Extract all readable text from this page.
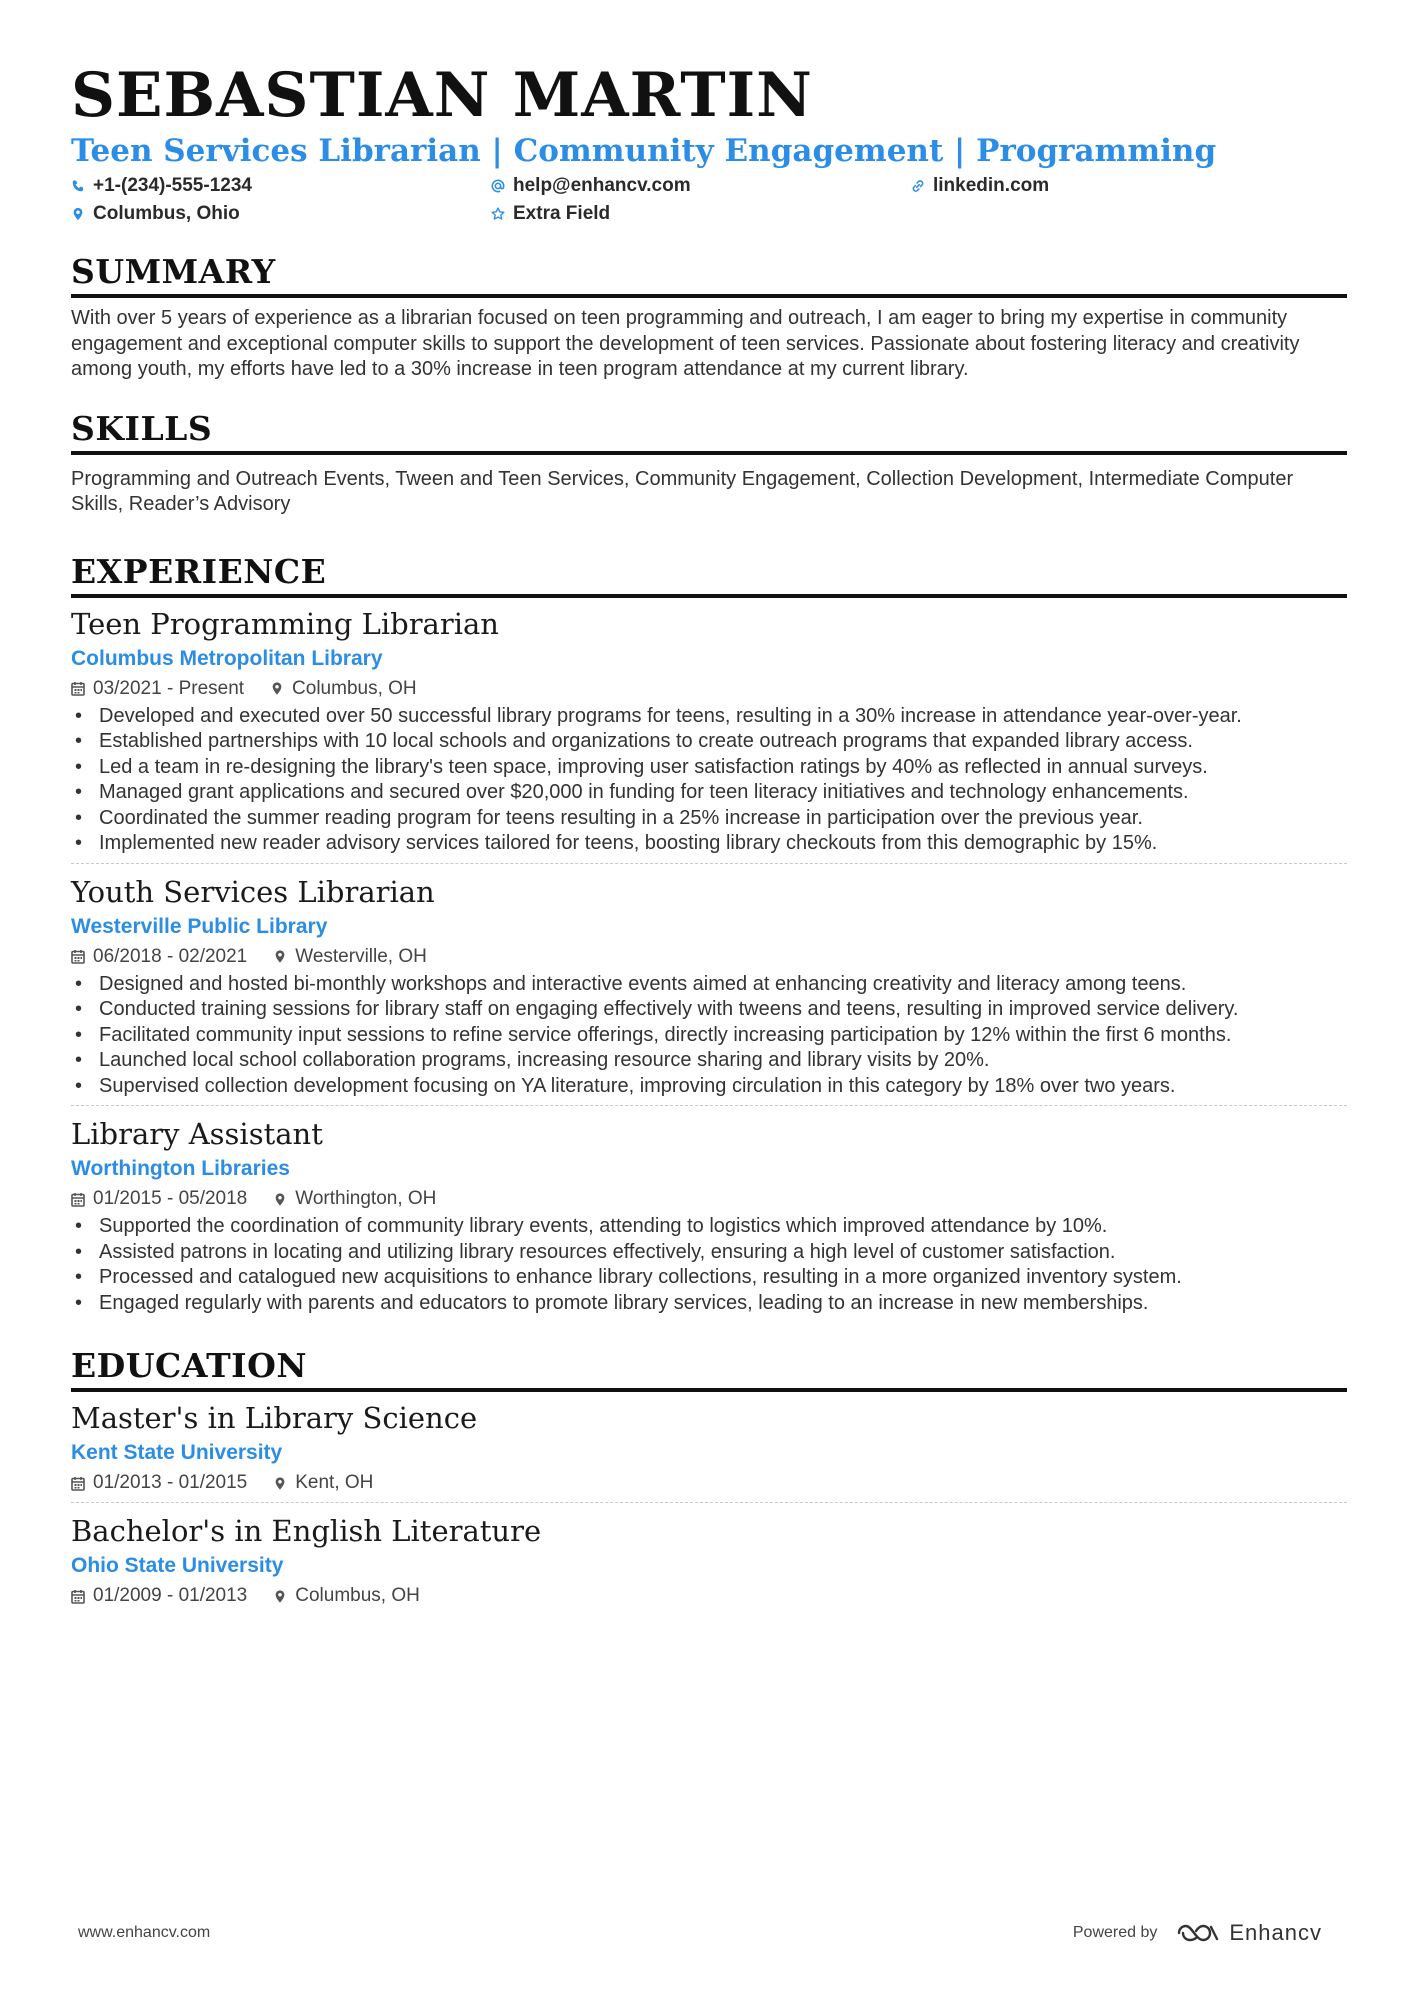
SEBASTIAN MARTIN
Teen Services Librarian | Community Engagement | Programming
+1-(234)-555-1234	help@enhancv.com	linkedin.com
Columbus, Ohio	Extra Field
SUMMARY

With over 5 years of experience as a librarian focused on teen programming and outreach, I am eager to bring my expertise in community engagement and exceptional computer skills to support the development of teen services. Passionate about fostering literacy and creativity among youth, my efforts have led to a 30% increase in teen program attendance at my current library.

SKILLS

Programming and Outreach Events, Tween and Teen Services, Community Engagement, Collection Development, Intermediate Computer Skills, Reader’s Advisory

EXPERIENCE
Teen Programming Librarian
Columbus Metropolitan Library
03/2021 - Present	Columbus, OH
• Developed and executed over 50 successful library programs for teens, resulting in a 30% increase in attendance year-over-year.
• Established partnerships with 10 local schools and organizations to create outreach programs that expanded library access.
• Led a team in re-designing the library's teen space, improving user satisfaction ratings by 40% as reflected in annual surveys.
• Managed grant applications and secured over $20,000 in funding for teen literacy initiatives and technology enhancements.
• Coordinated the summer reading program for teens resulting in a 25% increase in participation over the previous year.
• Implemented new reader advisory services tailored for teens, boosting library checkouts from this demographic by 15%.
Youth Services Librarian
Westerville Public Library
06/2018 - 02/2021	Westerville, OH
• Designed and hosted bi-monthly workshops and interactive events aimed at enhancing creativity and literacy among teens.
• Conducted training sessions for library staff on engaging effectively with tweens and teens, resulting in improved service delivery.
• Facilitated community input sessions to refine service offerings, directly increasing participation by 12% within the first 6 months.
• Launched local school collaboration programs, increasing resource sharing and library visits by 20%.
• Supervised collection development focusing on YA literature, improving circulation in this category by 18% over two years.
Library Assistant
Worthington Libraries
01/2015 - 05/2018	Worthington, OH
• Supported the coordination of community library events, attending to logistics which improved attendance by 10%.
• Assisted patrons in locating and utilizing library resources effectively, ensuring a high level of customer satisfaction.
• Processed and catalogued new acquisitions to enhance library collections, resulting in a more organized inventory system.
• Engaged regularly with parents and educators to promote library services, leading to an increase in new memberships.
EDUCATION
Master's in Library Science
Kent State University
01/2013 - 01/2015	Kent, OH
Bachelor's in English Literature
Ohio State University
01/2009 - 01/2013	Columbus, OH
www.enhancv.com	Powered by	Enhancv
